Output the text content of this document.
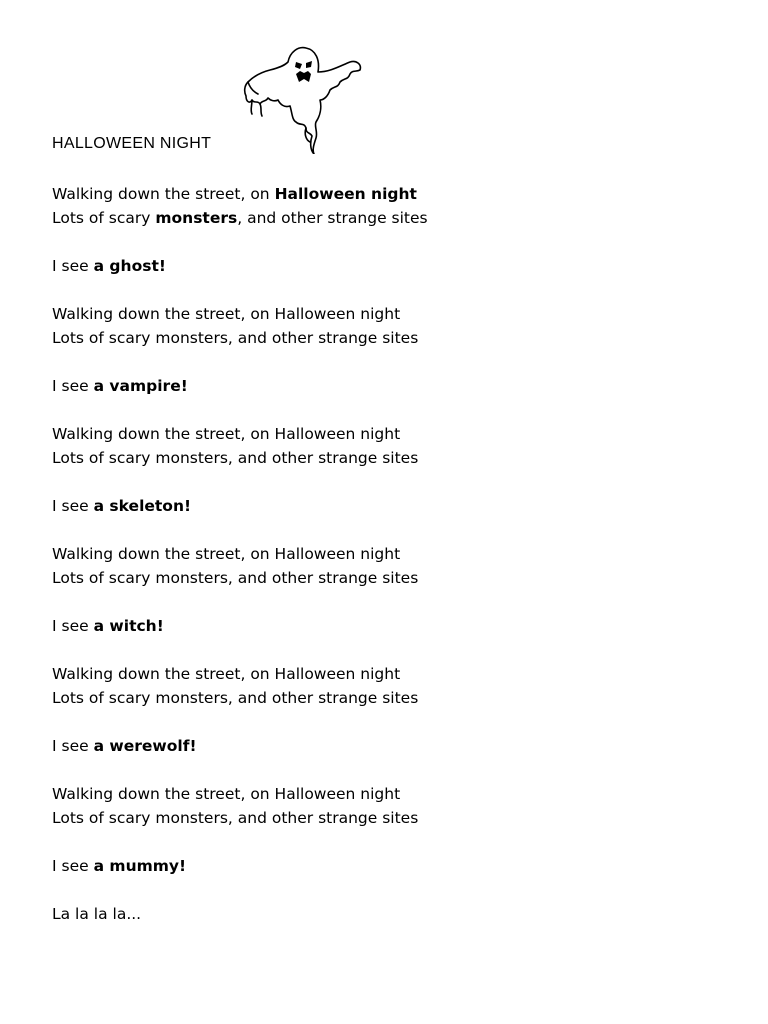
HALLOWEEN NIGHT
Walking down the street, on Halloween night
Lots of scary monsters, and other strange sites
I see a ghost!
Walking down the street, on Halloween night
Lots of scary monsters, and other strange sites
I see a vampire!
Walking down the street, on Halloween night
Lots of scary monsters, and other strange sites
I see a skeleton!
Walking down the street, on Halloween night
Lots of scary monsters, and other strange sites
I see a witch!
Walking down the street, on Halloween night
Lots of scary monsters, and other strange sites
I see a werewolf!
Walking down the street, on Halloween night
Lots of scary monsters, and other strange sites
I see a mummy!
La la la la...
